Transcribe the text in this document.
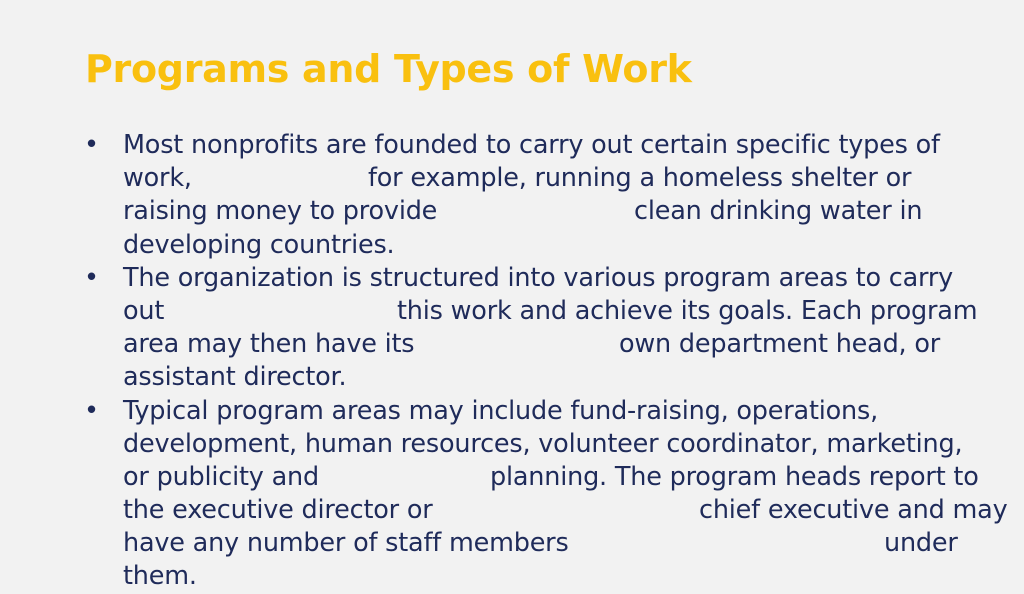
Programs and Types of Work
• Most nonprofits are founded to carry out certain specific types of
work,	for example, running a homeless shelter or
raising money to provide	clean drinking water in
developing countries.
• The organization is structured into various program areas to carry
out	this work and achieve its goals. Each program
area may then have its	own department head, or
assistant director.
• Typical program areas may include fund-raising, operations,
development, human resources, volunteer coordinator, marketing,
or publicity and	planning. The program heads report to
the executive director or	chief executive and may
have any number of staff members	under
them.
